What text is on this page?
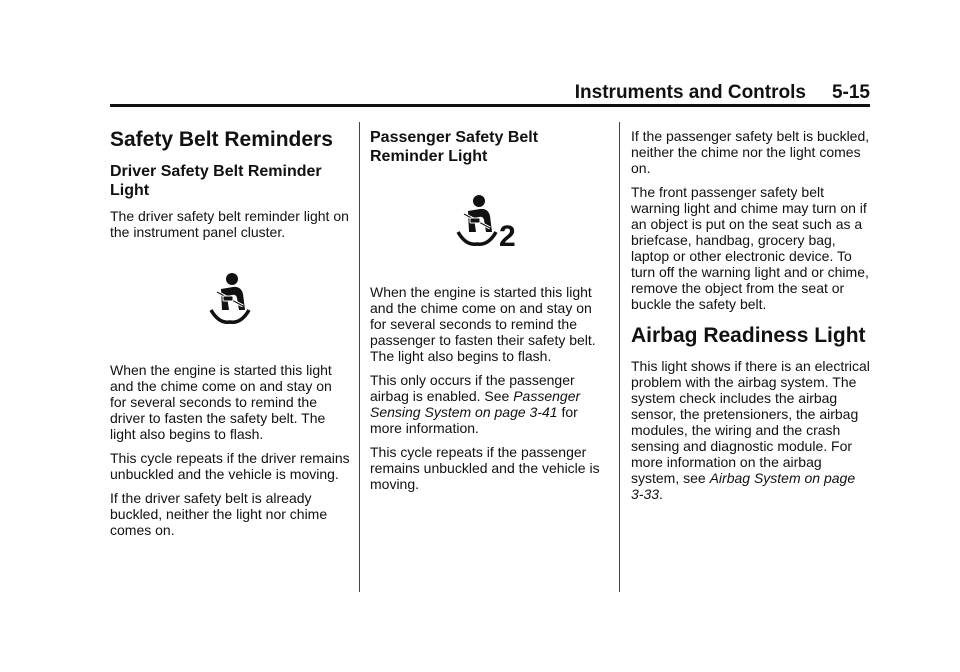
Instruments and Controls 5-15
Safety Belt Reminders
Driver Safety Belt Reminder Light

The driver safety belt reminder light on the instrument panel cluster.

When the engine is started this light and the chime come on and stay on for several seconds to remind the driver to fasten the safety belt. The light also begins to flash.

This cycle repeats if the driver remains unbuckled and the vehicle is moving.

If the driver safety belt is already buckled, neither the light nor chime comes on.

Passenger Safety Belt Reminder Light
2

When the engine is started this light and the chime come on and stay on for several seconds to remind the passenger to fasten their safety belt. The light also begins to flash.

This only occurs if the passenger airbag is enabled. See Passenger Sensing System on page 3-41 for more information.

This cycle repeats if the passenger remains unbuckled and the vehicle is moving.

If the passenger safety belt is buckled, neither the chime nor the light comes on.

The front passenger safety belt warning light and chime may turn on if an object is put on the seat such as a briefcase, handbag, grocery bag, laptop or other electronic device. To turn off the warning light and or chime, remove the object from the seat or buckle the safety belt.

Airbag Readiness Light

This light shows if there is an electrical problem with the airbag system. The system check includes the airbag sensor, the pretensioners, the airbag modules, the wiring and the crash sensing and diagnostic module. For more information on the airbag system, see Airbag System on page 3-33.
